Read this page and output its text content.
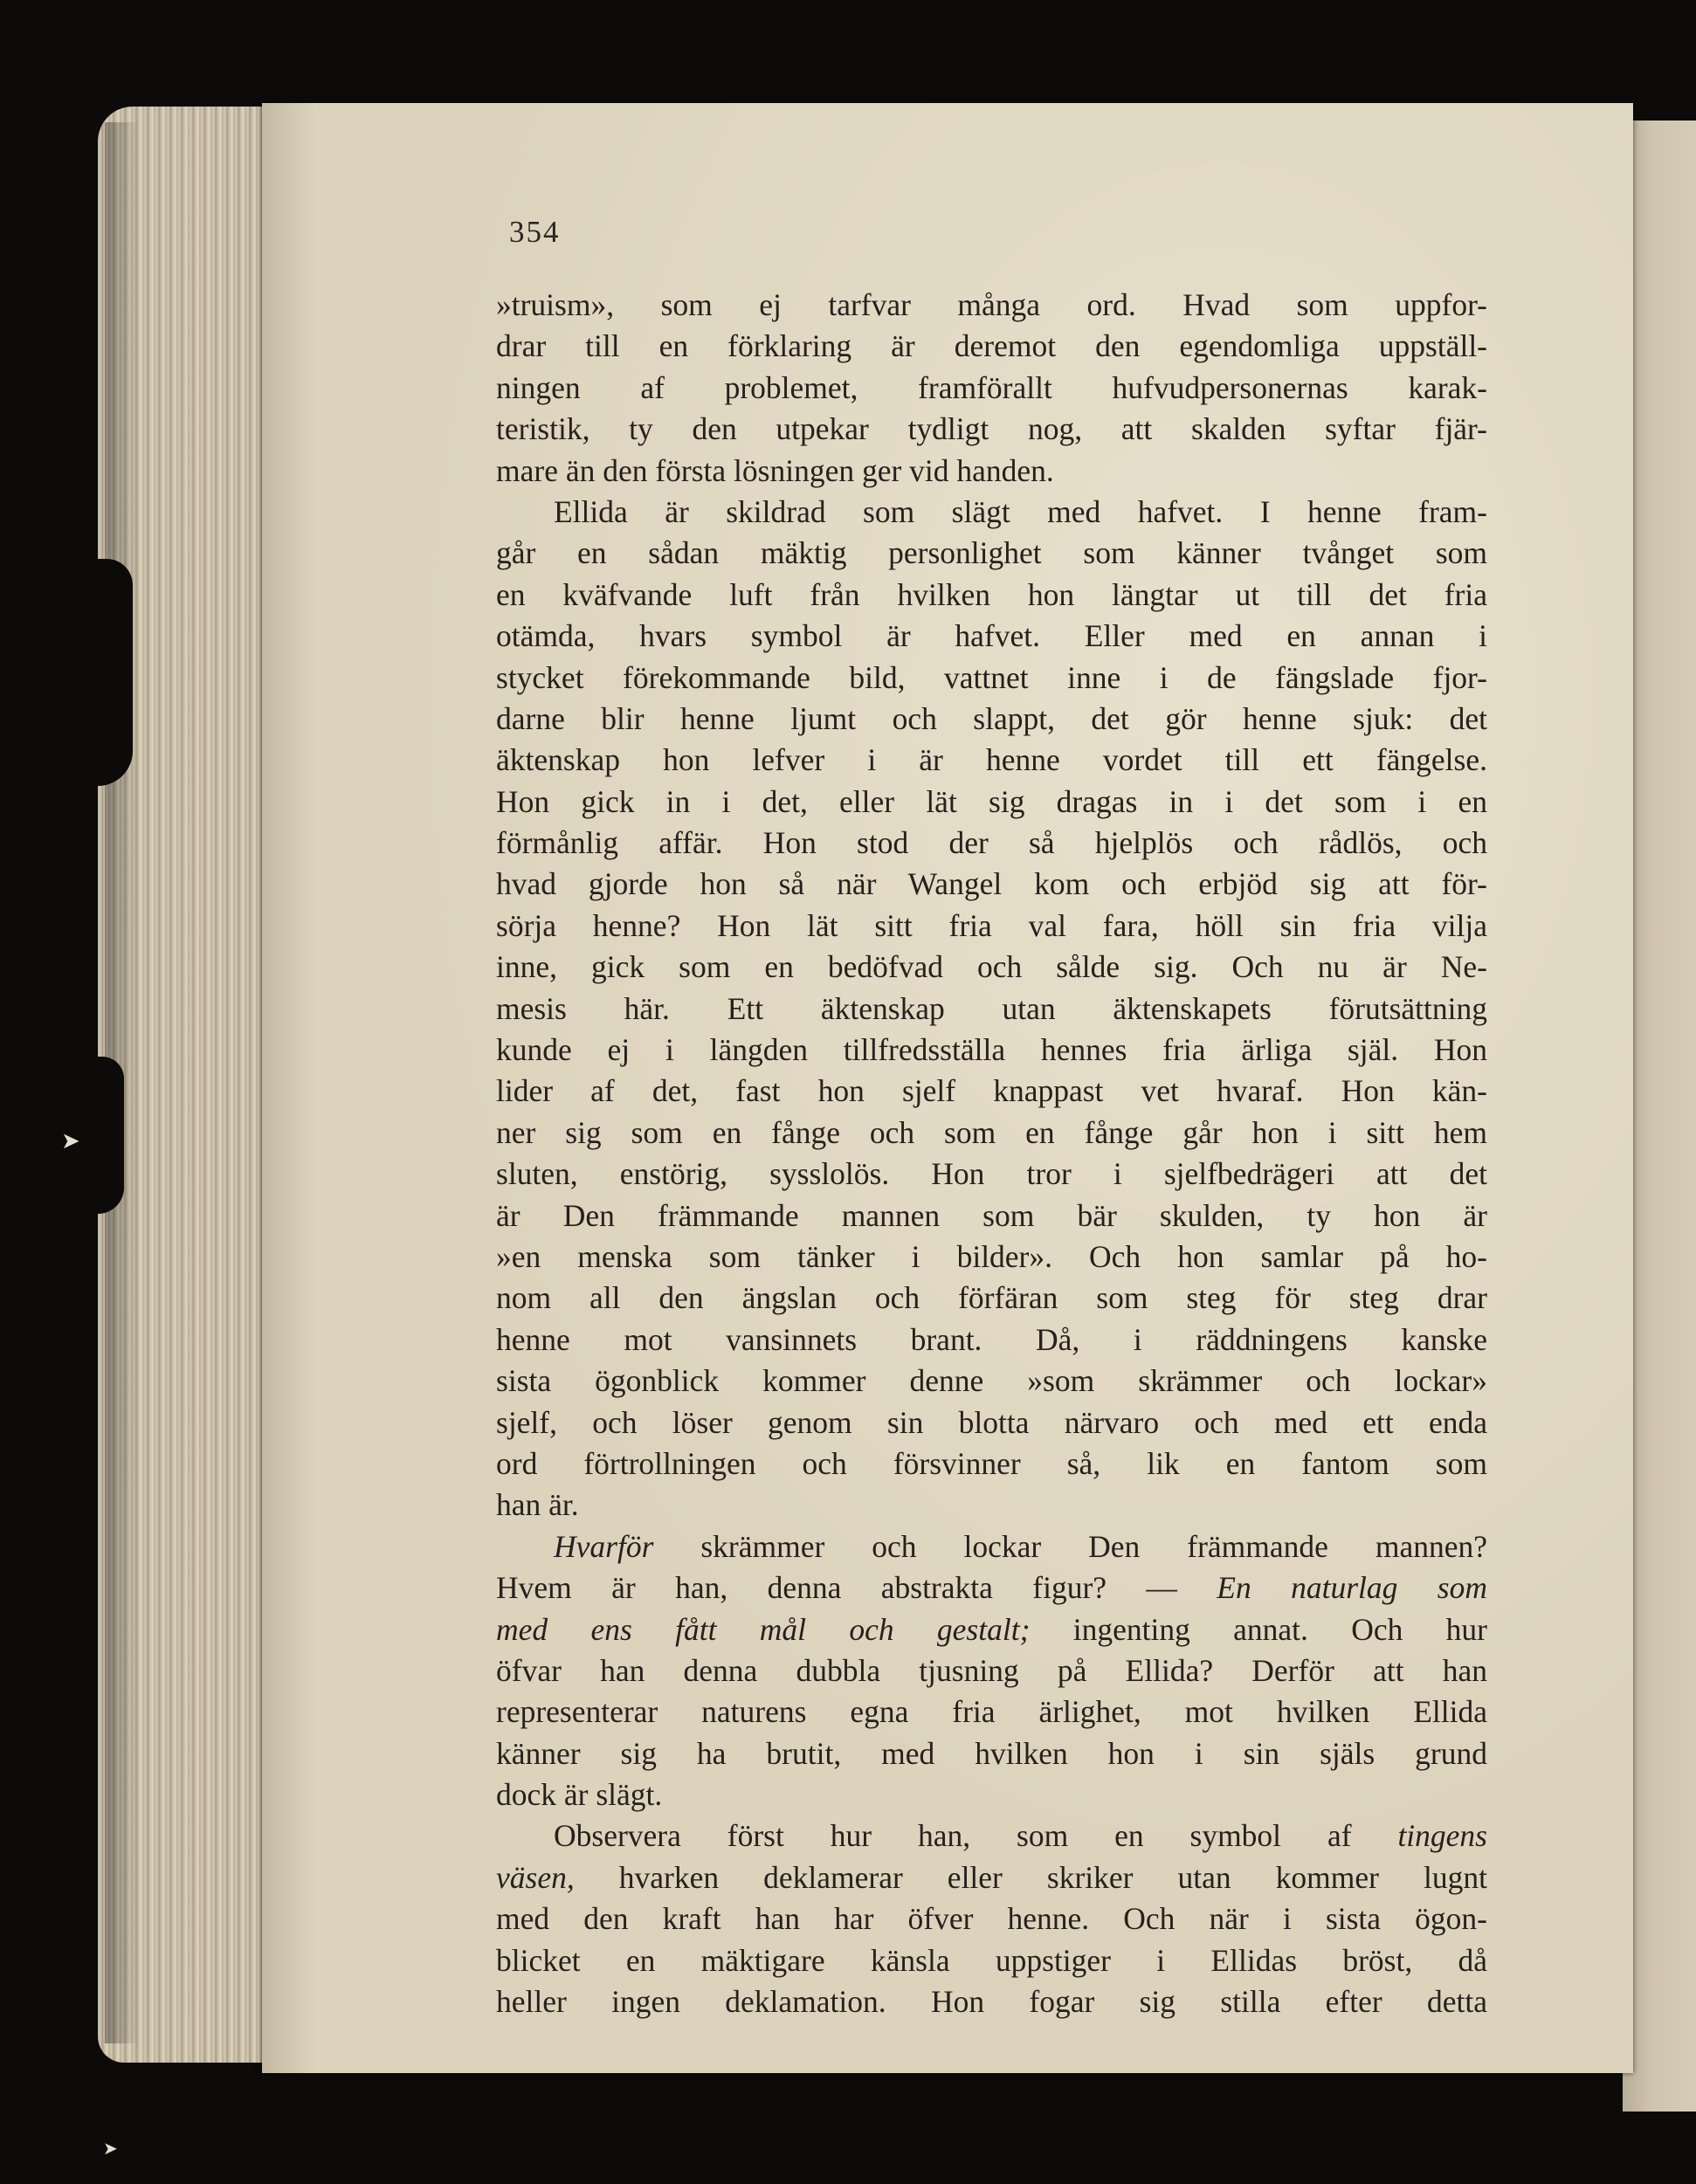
354
»truism», som ej tarfvar många ord. Hvad som uppfor-
drar till en förklaring är deremot den egendomliga uppställ-
ningen af problemet, framförallt hufvudpersonernas karak-
teristik, ty den utpekar tydligt nog, att skalden syftar fjär-
mare än den första lösningen ger vid handen.
Ellida är skildrad som slägt med hafvet. I henne fram-
går en sådan mäktig personlighet som känner tvånget som
en kväfvande luft från hvilken hon längtar ut till det fria
otämda, hvars symbol är hafvet. Eller med en annan i
stycket förekommande bild, vattnet inne i de fängslade fjor-
darne blir henne ljumt och slappt, det gör henne sjuk: det
äktenskap hon lefver i är henne vordet till ett fängelse.
Hon gick in i det, eller lät sig dragas in i det som i en
förmånlig affär. Hon stod der så hjelplös och rådlös, och
hvad gjorde hon så när Wangel kom och erbjöd sig att för-
sörja henne? Hon lät sitt fria val fara, höll sin fria vilja
inne, gick som en bedöfvad och sålde sig. Och nu är Ne-
mesis här. Ett äktenskap utan äktenskapets förutsättning
kunde ej i längden tillfredsställa hennes fria ärliga själ. Hon
lider af det, fast hon sjelf knappast vet hvaraf. Hon kän-
ner sig som en fånge och som en fånge går hon i sitt hem
sluten, enstörig, sysslolös. Hon tror i sjelfbedrägeri att det
är Den främmande mannen som bär skulden, ty hon är
»en menska som tänker i bilder». Och hon samlar på ho-
nom all den ängslan och förfäran som steg för steg drar
henne mot vansinnets brant. Då, i räddningens kanske
sista ögonblick kommer denne »som skrämmer och lockar»
sjelf, och löser genom sin blotta närvaro och med ett enda
ord förtrollningen och försvinner så, lik en fantom som
han är.
Hvarför skrämmer och lockar Den främmande mannen?
Hvem är han, denna abstrakta figur? — En naturlag som
med ens fått mål och gestalt; ingenting annat. Och hur
öfvar han denna dubbla tjusning på Ellida? Derför att han
representerar naturens egna fria ärlighet, mot hvilken Ellida
känner sig ha brutit, med hvilken hon i sin själs grund
dock är slägt.
Observera först hur han, som en symbol af tingens
väsen, hvarken deklamerar eller skriker utan kommer lugnt
med den kraft han har öfver henne. Och när i sista ögon-
blicket en mäktigare känsla uppstiger i Ellidas bröst, då
heller ingen deklamation. Hon fogar sig stilla efter detta
➤
➤
